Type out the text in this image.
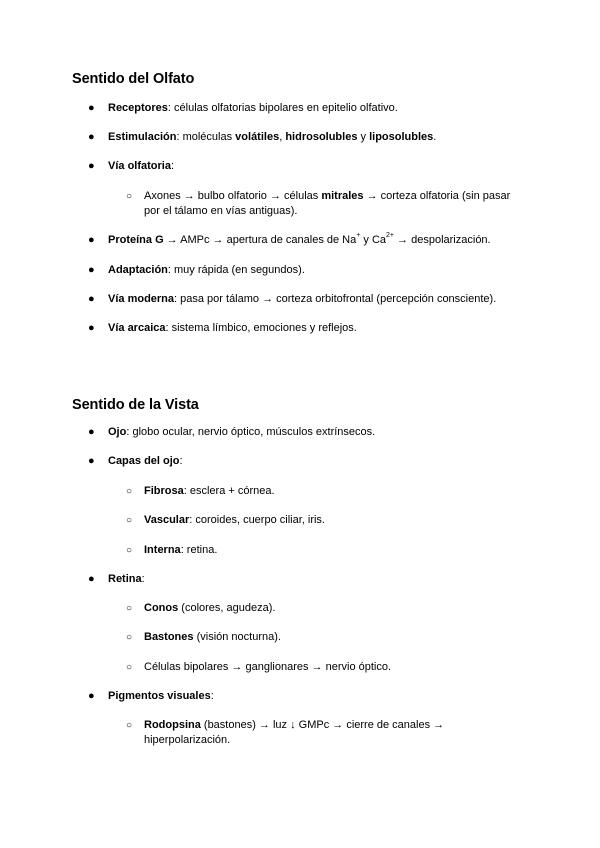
Sentido del Olfato
● Receptores: células olfatorias bipolares en epitelio olfativo.
● Estimulación: moléculas volátiles, hidrosolubles y liposolubles.
● Vía olfatoria:
○ Axones → bulbo olfatorio → células mitrales → corteza olfatoria (sin pasar por el tálamo en vías antiguas).
● Proteína G → AMPc → apertura de canales de Na+ y $Ca^{2+}$ → despolarización.
● Adaptación: muy rápida (en segundos).
● Vía moderna: pasa por tálamo → corteza orbitofrontal (percepción consciente).
● Vía arcaica: sistema límbico, emociones y reflejos.
Sentido de la Vista
● Ojo: globo ocular, nervio óptico, músculos extrínsecos.
● Capas del ojo:
○ Fibrosa: esclera + córnea.
○ Vascular: coroides, cuerpo ciliar, iris.
○ Interna: retina.
● Retina:
○ Conos (colores, agudeza).
○ Bastones (visión nocturna).
○ Células bipolares → ganglionares → nervio óptico.
● Pigmentos visuales:
○ Rodopsina (bastones) → luz ↓ GMPc → cierre de canales → hiperpolarización.
